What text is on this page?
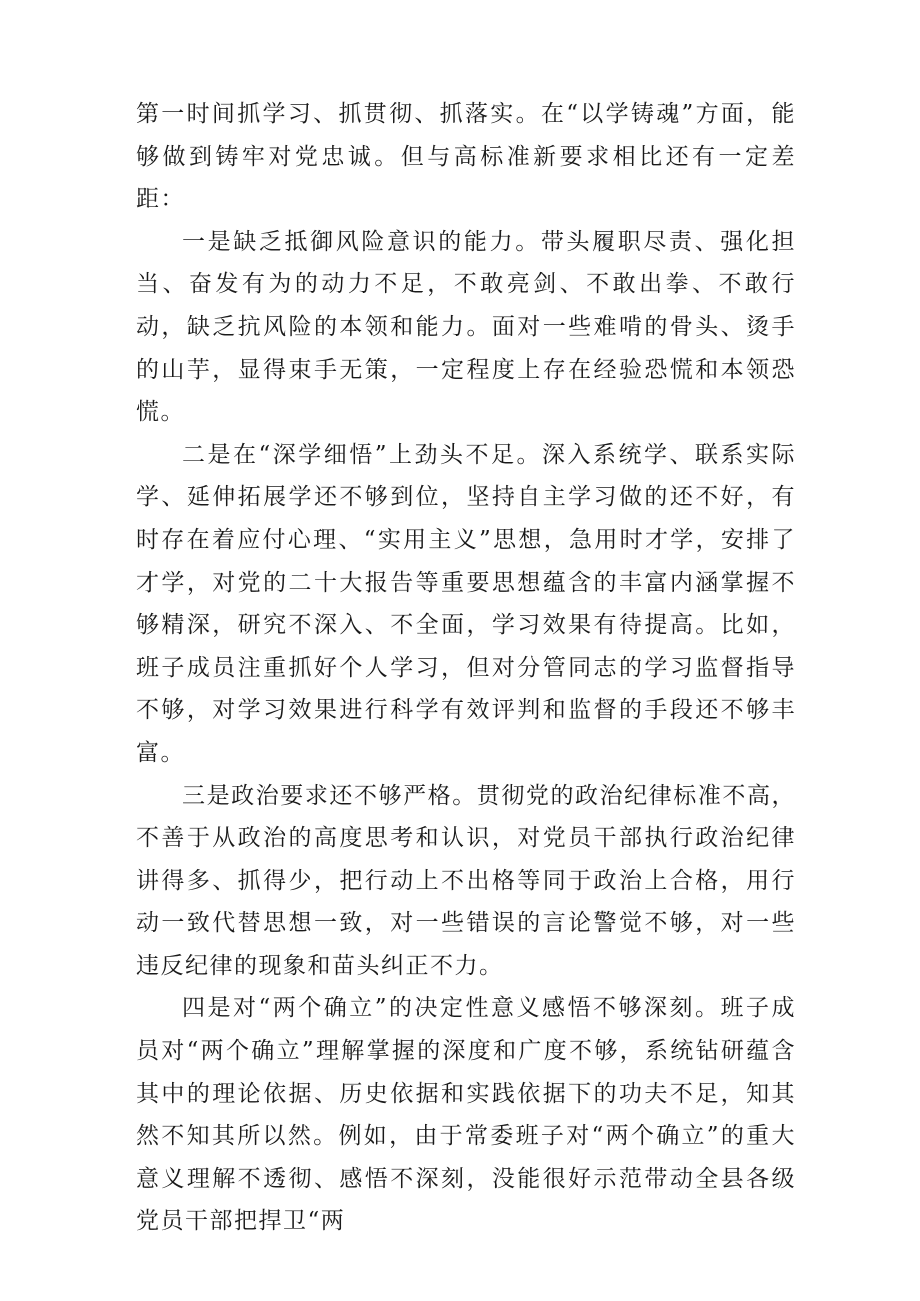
第一时间抓学习、抓贯彻、抓落实。在“以学铸魂”方面，能够做到铸牢对党忠诚。但与高标准新要求相比还有一定差距：

一是缺乏抵御风险意识的能力。带头履职尽责、强化担当、奋发有为的动力不足，不敢亮剑、不敢出拳、不敢行动，缺乏抗风险的本领和能力。面对一些难啃的骨头、烫手的山芋，显得束手无策，一定程度上存在经验恐慌和本领恐慌。

二是在“深学细悟”上劲头不足。深入系统学、联系实际学、延伸拓展学还不够到位，坚持自主学习做的还不好，有时存在着应付心理、“实用主义”思想，急用时才学，安排了才学，对党的二十大报告等重要思想蕴含的丰富内涵掌握不够精深，研究不深入、不全面，学习效果有待提高。比如，班子成员注重抓好个人学习，但对分管同志的学习监督指导不够，对学习效果进行科学有效评判和监督的手段还不够丰富。

三是政治要求还不够严格。贯彻党的政治纪律标准不高，不善于从政治的高度思考和认识，对党员干部执行政治纪律讲得多、抓得少，把行动上不出格等同于政治上合格，用行动一致代替思想一致，对一些错误的言论警觉不够，对一些违反纪律的现象和苗头纠正不力。

四是对“两个确立”的决定性意义感悟不够深刻。班子成员对“两个确立”理解掌握的深度和广度不够，系统钻研蕴含其中的理论依据、历史依据和实践依据下的功夫不足，知其然不知其所以然。例如，由于常委班子对“两个确立”的重大意义理解不透彻、感悟不深刻，没能很好示范带动全县各级党员干部把捍卫“两
